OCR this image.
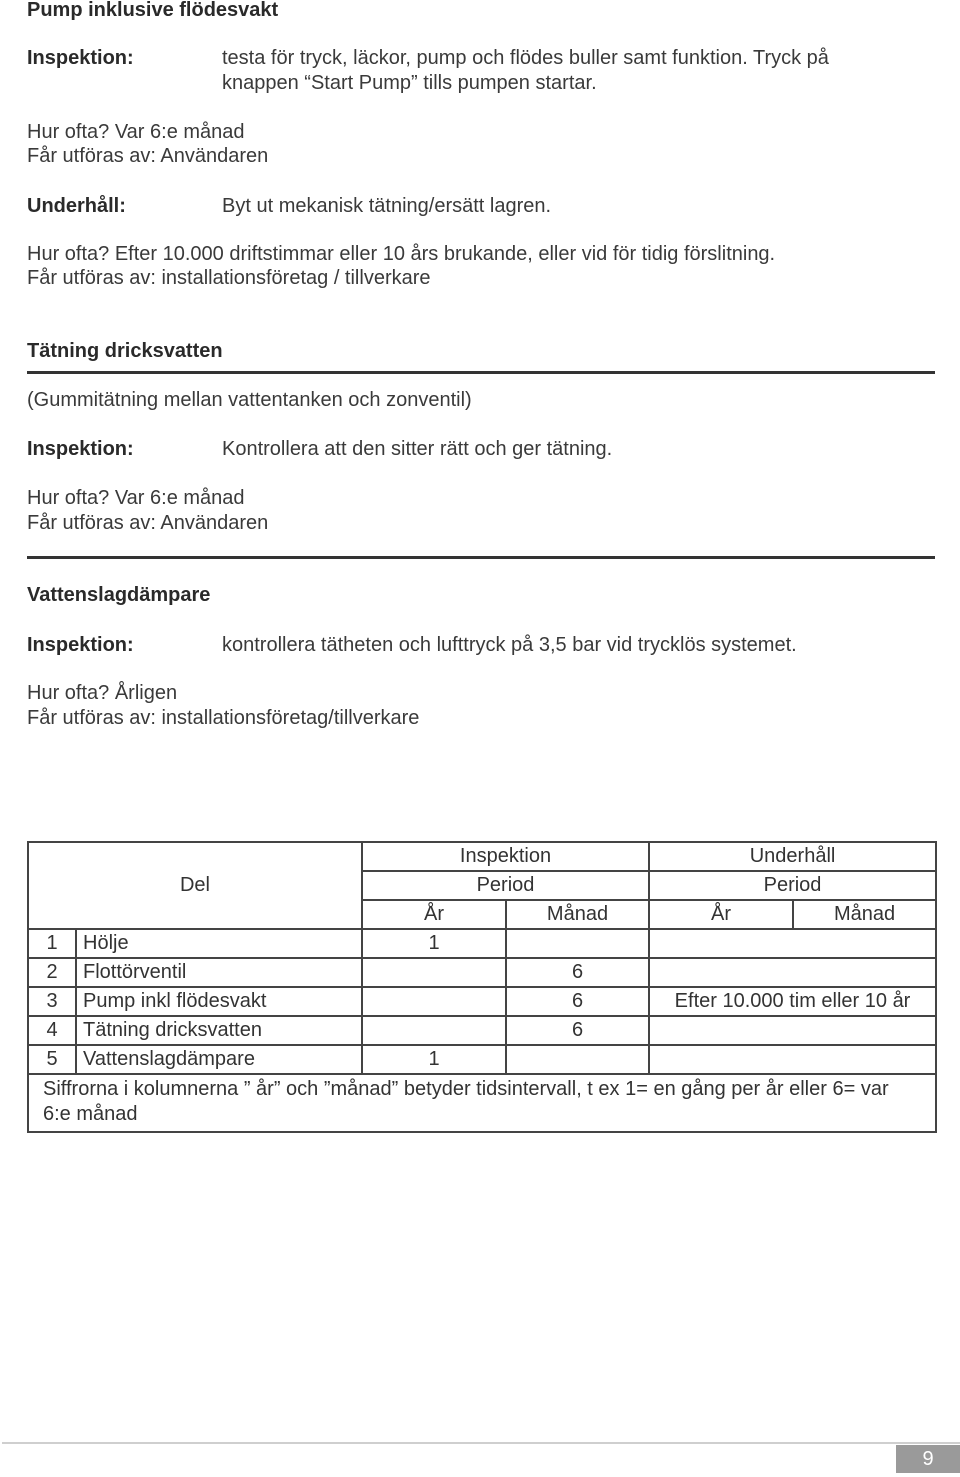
Pump inklusive flödesvakt
Inspektion:	testa för tryck, läckor, pump och flödes buller samt funktion. Tryck på
knappen “Start Pump” tills pumpen startar.
Hur ofta? Var 6:e månad
Får utföras av: Användaren
Underhåll:	Byt ut mekanisk tätning/ersätt lagren.
Hur ofta? Efter 10.000 driftstimmar eller 10 års brukande, eller vid för tidig förslitning.
Får utföras av: installationsföretag / tillverkare
Tätning dricksvatten
(Gummitätning mellan vattentanken och zonventil)
Inspektion:	Kontrollera att den sitter rätt och ger tätning.
Hur ofta? Var 6:e månad
Får utföras av: Användaren
Vattenslagdämpare
Inspektion:	kontrollera tätheten och lufttryck på 3,5 bar vid trycklös systemet.
Hur ofta? Årligen
Får utföras av: installationsföretag/tillverkare
		Inspektion		Underhåll	
Del		Period		Period	
		År	Månad	År	Månad
1	Hölje	1			
2	Flottörventil		6		
3	Pump inkl flödesvakt		6	Efter 10.000 tim eller 10 år	
4	Tätning dricksvatten		6		
5	Vattenslagdämpare	1			
Siffrorna i kolumnerna ” år” och ”månad” betyder tidsintervall, t ex 1= en gång per år eller 6= var 6:e månad					
9
